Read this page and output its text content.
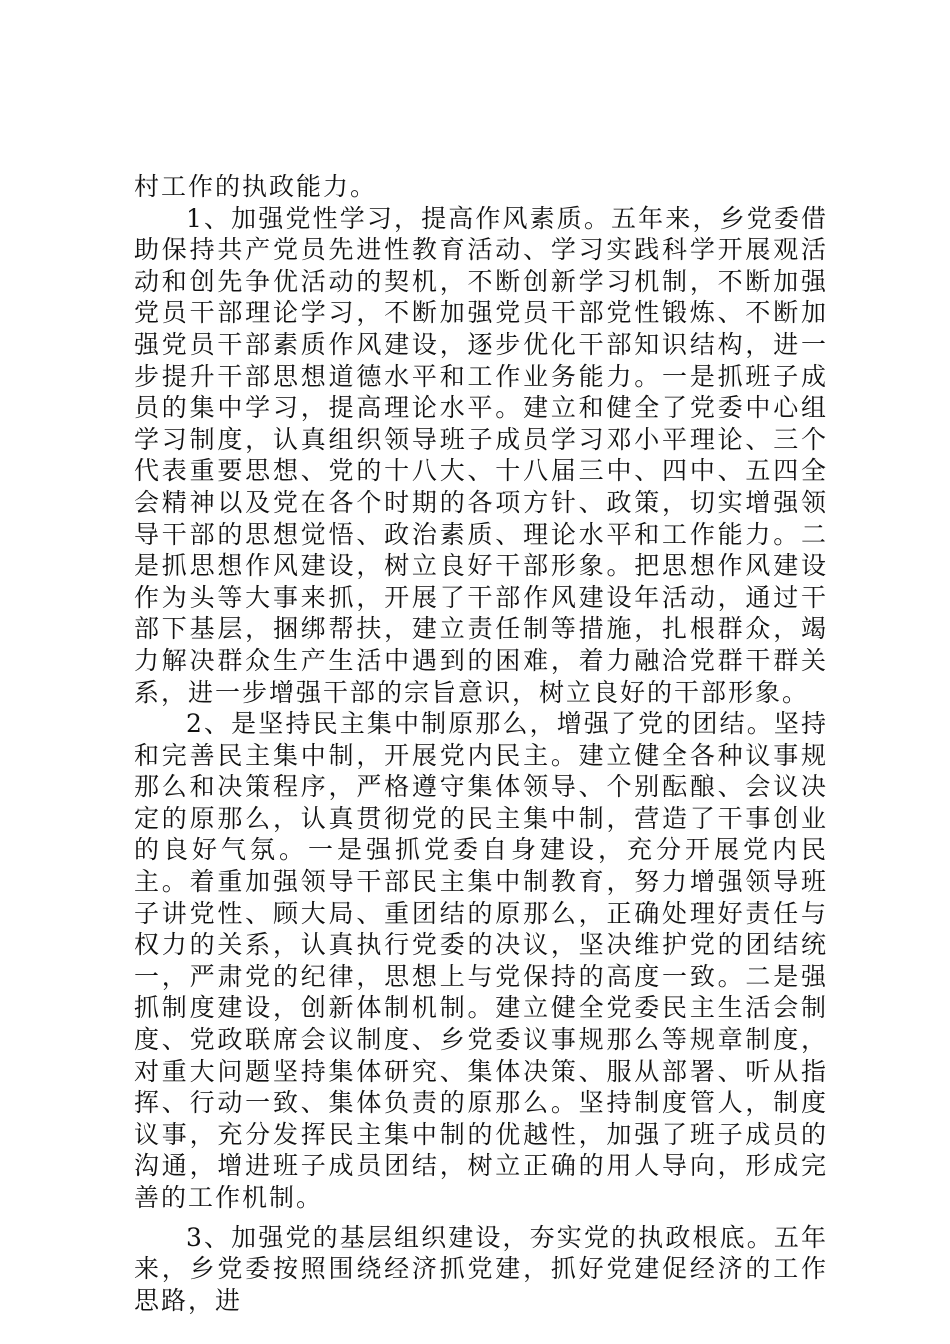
村工作的执政能力。

1、加强党性学习，提高作风素质。五年来，乡党委借助保持共产党员先进性教育活动、学习实践科学开展观活动和创先争优活动的契机，不断创新学习机制，不断加强党员干部理论学习，不断加强党员干部党性锻炼、不断加强党员干部素质作风建设，逐步优化干部知识结构，进一步提升干部思想道德水平和工作业务能力。一是抓班子成员的集中学习，提高理论水平。建立和健全了党委中心组学习制度，认真组织领导班子成员学习邓小平理论、三个代表重要思想、党的十八大、十八届三中、四中、五四全会精神以及党在各个时期的各项方针、政策，切实增强领导干部的思想觉悟、政治素质、理论水平和工作能力。二是抓思想作风建设，树立良好干部形象。把思想作风建设作为头等大事来抓，开展了干部作风建设年活动，通过干部下基层，捆绑帮扶，建立责任制等措施，扎根群众，竭力解决群众生产生活中遇到的困难，着力融洽党群干群关系，进一步增强干部的宗旨意识，树立良好的干部形象。

2、是坚持民主集中制原那么，增强了党的团结。坚持和完善民主集中制，开展党内民主。建立健全各种议事规那么和决策程序，严格遵守集体领导、个别酝酿、会议决定的原那么，认真贯彻党的民主集中制，营造了干事创业的良好气氛。一是强抓党委自身建设，充分开展党内民主。着重加强领导干部民主集中制教育，努力增强领导班子讲党性、顾大局、重团结的原那么，正确处理好责任与权力的关系，认真执行党委的决议，坚决维护党的团结统一，严肃党的纪律，思想上与党保持的高度一致。二是强抓制度建设，创新体制机制。建立健全党委民主生活会制度、党政联席会议制度、乡党委议事规那么等规章制度，对重大问题坚持集体研究、集体决策、服从部署、听从指挥、行动一致、集体负责的原那么。坚持制度管人，制度议事，充分发挥民主集中制的优越性，加强了班子成员的沟通，增进班子成员团结，树立正确的用人导向，形成完善的工作机制。

3、加强党的基层组织建设，夯实党的执政根底。五年来，乡党委按照围绕经济抓党建，抓好党建促经济的工作思路，进
